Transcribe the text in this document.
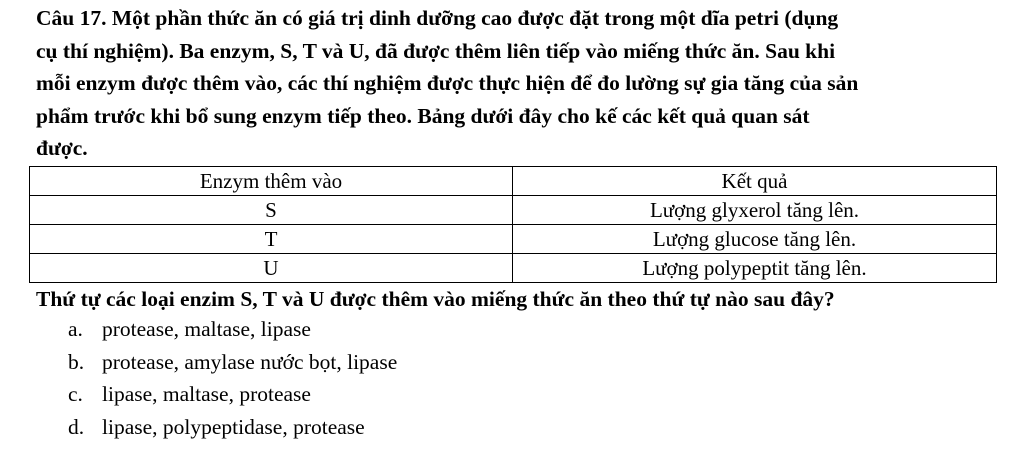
Câu 17. Một phần thức ăn có giá trị dinh dưỡng cao được đặt trong một dĩa petri (dụng

cụ thí nghiệm). Ba enzym, S, T và U, đã được thêm liên tiếp vào miếng thức ăn. Sau khi

mỗi enzym được thêm vào, các thí nghiệm được thực hiện để đo lường sự gia tăng của sản

phẩm trước khi bổ sung enzym tiếp theo. Bảng dưới đây cho kế các kết quả quan sát

được.

Enzym thêm vào	Kết quả
S	Lượng glyxerol tăng lên.
T	Lượng glucose tăng lên.
U	Lượng polypeptit tăng lên.
Thứ tự các loại enzim S, T và U được thêm vào miếng thức ăn theo thứ tự nào sau đây?
a. protease, maltase, lipase
b. protease, amylase nước bọt, lipase
c. lipase, maltase, protease
d. lipase, polypeptidase, protease
